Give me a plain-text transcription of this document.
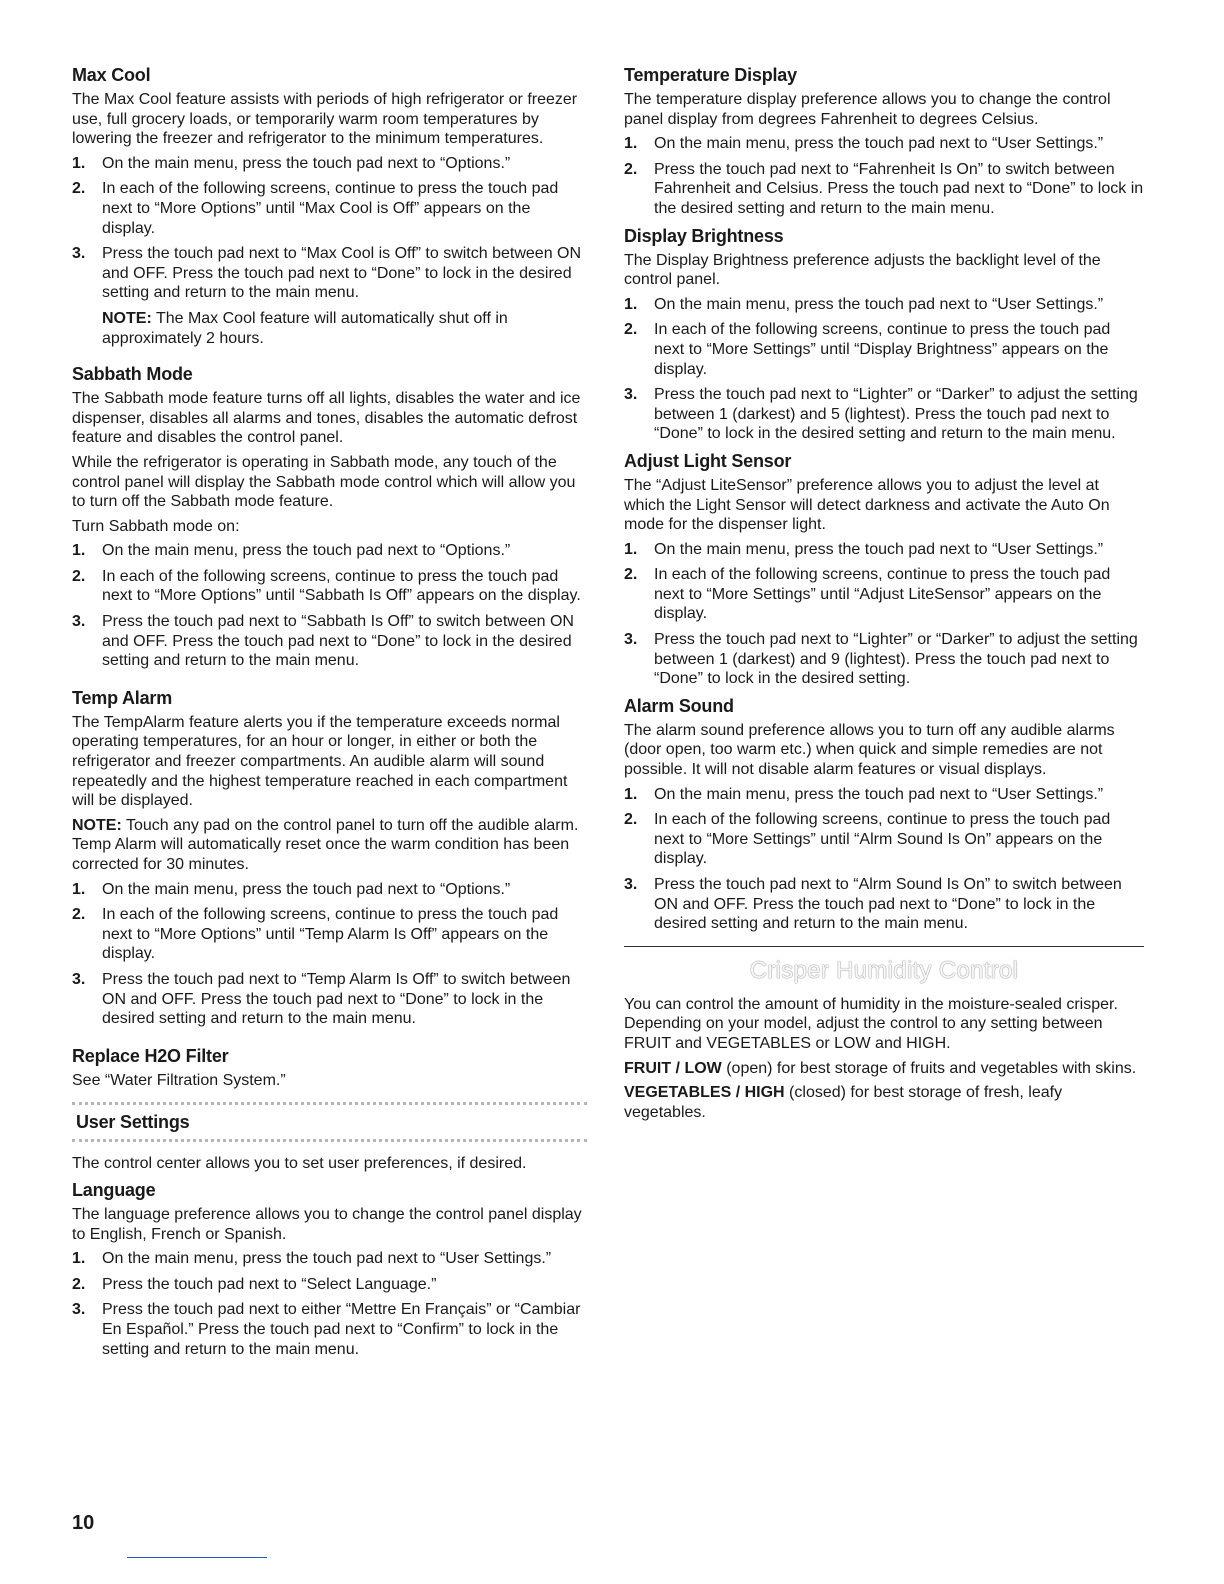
Max Cool

The Max Cool feature assists with periods of high refrigerator or freezer use, full grocery loads, or temporarily warm room temperatures by lowering the freezer and refrigerator to the minimum temperatures.

1. On the main menu, press the touch pad next to “Options.”
2. In each of the following screens, continue to press the touch pad next to “More Options” until “Max Cool is Off” appears on the display.
3. Press the touch pad next to “Max Cool is Off” to switch between ON and OFF. Press the touch pad next to “Done” to lock in the desired setting and return to the main menu.

NOTE: The Max Cool feature will automatically shut off in approximately 2 hours.

Sabbath Mode

The Sabbath mode feature turns off all lights, disables the water and ice dispenser, disables all alarms and tones, disables the automatic defrost feature and disables the control panel.

While the refrigerator is operating in Sabbath mode, any touch of the control panel will display the Sabbath mode control which will allow you to turn off the Sabbath mode feature.

Turn Sabbath mode on:

1. On the main menu, press the touch pad next to “Options.”
2. In each of the following screens, continue to press the touch pad next to “More Options” until “Sabbath Is Off” appears on the display.
3. Press the touch pad next to “Sabbath Is Off” to switch between ON and OFF. Press the touch pad next to “Done” to lock in the desired setting and return to the main menu.
Temp Alarm

The TempAlarm feature alerts you if the temperature exceeds normal operating temperatures, for an hour or longer, in either or both the refrigerator and freezer compartments. An audible alarm will sound repeatedly and the highest temperature reached in each compartment will be displayed.

NOTE: Touch any pad on the control panel to turn off the audible alarm. Temp Alarm will automatically reset once the warm condition has been corrected for 30 minutes.

1. On the main menu, press the touch pad next to “Options.”
2. In each of the following screens, continue to press the touch pad next to “More Options” until “Temp Alarm Is Off” appears on the display.
3. Press the touch pad next to “Temp Alarm Is Off” to switch between ON and OFF. Press the touch pad next to “Done” to lock in the desired setting and return to the main menu.
Replace H2O Filter

See “Water Filtration System.”

User Settings

The control center allows you to set user preferences, if desired.

Language

The language preference allows you to change the control panel display to English, French or Spanish.

1. On the main menu, press the touch pad next to “User Settings.”
2. Press the touch pad next to “Select Language.”
3. Press the touch pad next to either “Mettre En Français” or “Cambiar En Español.” Press the touch pad next to “Confirm” to lock in the setting and return to the main menu.
Temperature Display

The temperature display preference allows you to change the control panel display from degrees Fahrenheit to degrees Celsius.

1. On the main menu, press the touch pad next to “User Settings.”
2. Press the touch pad next to “Fahrenheit Is On” to switch between Fahrenheit and Celsius. Press the touch pad next to “Done” to lock in the desired setting and return to the main menu.
Display Brightness

The Display Brightness preference adjusts the backlight level of the control panel.

1. On the main menu, press the touch pad next to “User Settings.”
2. In each of the following screens, continue to press the touch pad next to “More Settings” until “Display Brightness” appears on the display.
3. Press the touch pad next to “Lighter” or “Darker” to adjust the setting between 1 (darkest) and 5 (lightest). Press the touch pad next to “Done” to lock in the desired setting and return to the main menu.
Adjust Light Sensor

The “Adjust LiteSensor” preference allows you to adjust the level at which the Light Sensor will detect darkness and activate the Auto On mode for the dispenser light.

1. On the main menu, press the touch pad next to “User Settings.”
2. In each of the following screens, continue to press the touch pad next to “More Settings” until “Adjust LiteSensor” appears on the display.
3. Press the touch pad next to “Lighter” or “Darker” to adjust the setting between 1 (darkest) and 9 (lightest). Press the touch pad next to “Done” to lock in the desired setting.
Alarm Sound

The alarm sound preference allows you to turn off any audible alarms (door open, too warm etc.) when quick and simple remedies are not possible. It will not disable alarm features or visual displays.

1. On the main menu, press the touch pad next to “User Settings.”
2. In each of the following screens, continue to press the touch pad next to “More Settings” until “Alrm Sound Is On” appears on the display.
3. Press the touch pad next to “Alrm Sound Is On” to switch between ON and OFF. Press the touch pad next to “Done” to lock in the desired setting and return to the main menu.
Crisper Humidity Control

You can control the amount of humidity in the moisture-sealed crisper. Depending on your model, adjust the control to any setting between FRUIT and VEGETABLES or LOW and HIGH.

FRUIT / LOW (open) for best storage of fruits and vegetables with skins.

VEGETABLES / HIGH (closed) for best storage of fresh, leafy vegetables.

10
